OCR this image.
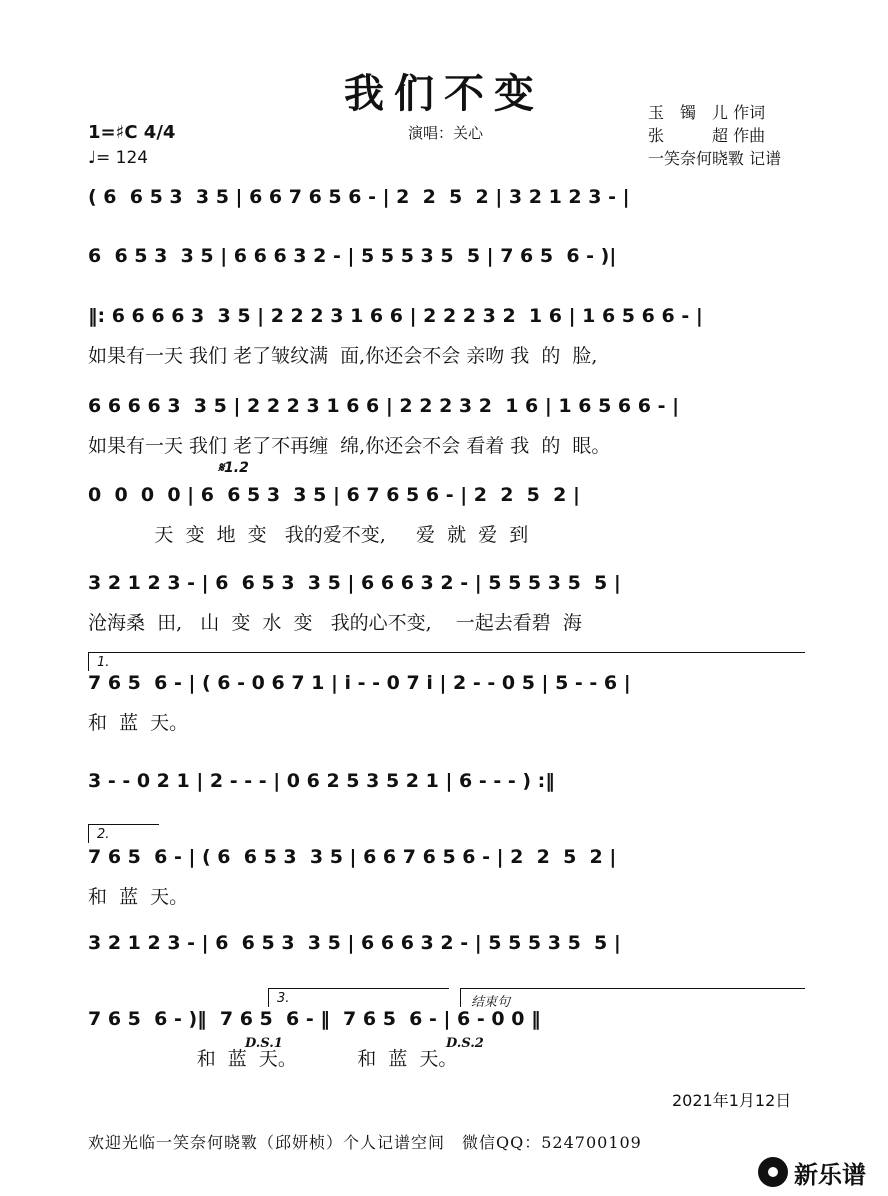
我们不变
1=♯C 4/4
♩= 124
演唱：关心
玉　镯　儿 作词
张　　　超 作曲
一笑奈何晓斁 记谱
( 6  6 5 3  3 5 | 6 6 7 6 5 6 - | 2  2  5  2 | 3 2 1 2 3 - |
6  6 5 3  3 5 | 6 6 6 3 2 - | 5 5 5 3 5  5 | 7 6 5  6 - )|
‖: 6 6 6 6 3  3 5 | 2 2 2 3 1 6 6 | 2 2 2 3 2  1 6 | 1 6 5 6 6 - |
如果有一天 我们 老了皱纹满  面,你还会不会 亲吻 我  的  脸,
6 6 6 6 3  3 5 | 2 2 2 3 1 6 6 | 2 2 2 3 2  1 6 | 1 6 5 6 6 - |
如果有一天 我们 老了不再缠  绵,你还会不会 看着 我  的  眼。
𝄋1.2
0  0  0  0 | 6  6 5 3  3 5 | 6 7 6 5 6 - | 2  2  5  2 |
天  变  地  变   我的爱不变,     爱  就  爱  到
3 2 1 2 3 - | 6  6 5 3  3 5 | 6 6 6 3 2 - | 5 5 5 3 5  5 |
沧海桑  田,   山  变  水  变   我的心不变,    一起去看碧  海
1.
7 6 5  6 - | ( 6 - 0 6 7 1 | i - - 0 7 i | 2 - - 0 5 | 5 - - 6 |
和  蓝  天。
3 - - 0 2 1 | 2 - - - | 0 6 2 5 3 5 2 1 | 6 - - - ) :‖
2.
7 6 5  6 - | ( 6  6 5 3  3 5 | 6 6 7 6 5 6 - | 2  2  5  2 |
和  蓝  天。
3 2 1 2 3 - | 6  6 5 3  3 5 | 6 6 6 3 2 - | 5 5 5 3 5  5 |
3.	结束句
7 6 5  6 - )‖  7 6 5  6 - ‖  7 6 5  6 - | 6 - 0 0 ‖
和  蓝  天。          和  蓝  天。
D.S.1	D.S.2
2021年1月12日
欢迎光临一笑奈何晓斁（邱妍桢）个人记谱空间　微信QQ：524700109
新乐谱
